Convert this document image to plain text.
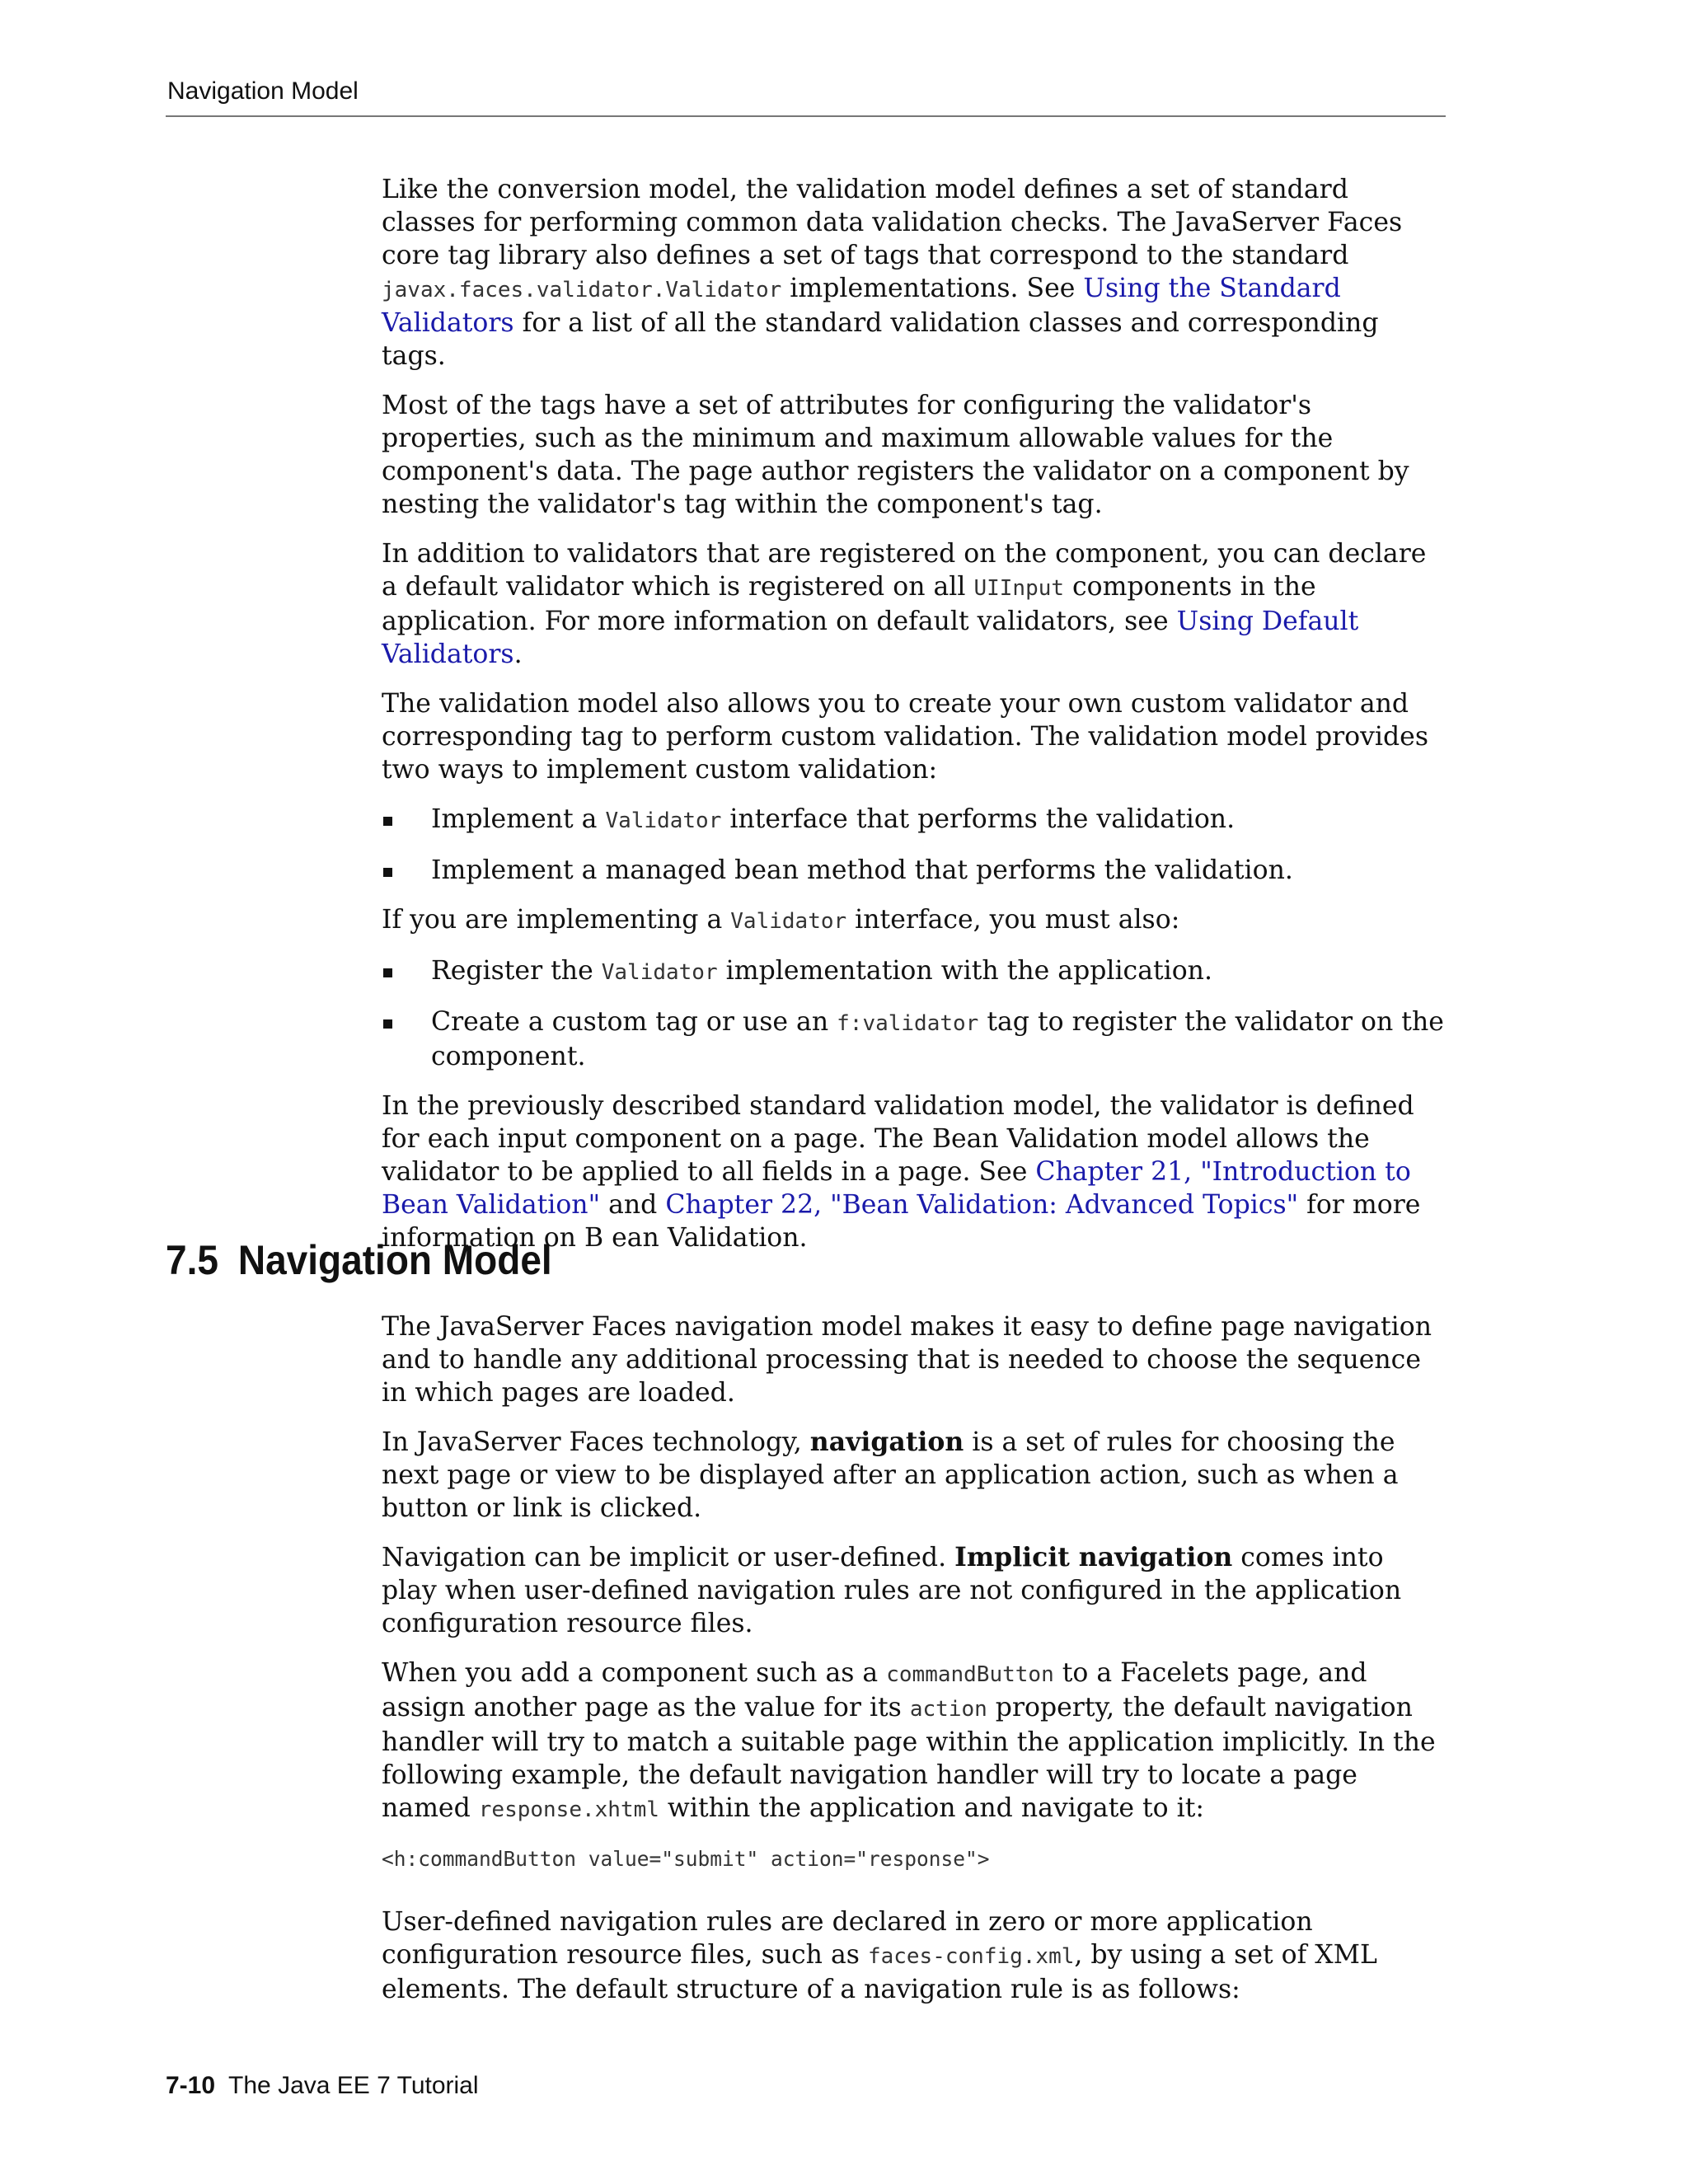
Navigation Model

Like the conversion model, the validation model defines a set of standard classes for performing common data validation checks. The JavaServer Faces core tag library also defines a set of tags that correspond to the standard javax.faces.validator.Validator implementations. See Using the Standard Validators for a list of all the standard validation classes and corresponding tags.

Most of the tags have a set of attributes for configuring the validator's properties, such as the minimum and maximum allowable values for the component's data. The page author registers the validator on a component by nesting the validator's tag within the component's tag.

In addition to validators that are registered on the component, you can declare a default validator which is registered on all UIInput components in the application. For more information on default validators, see Using Default Validators.

The validation model also allows you to create your own custom validator and corresponding tag to perform custom validation. The validation model provides two ways to implement custom validation:

Implement a Validator interface that performs the validation.
Implement a managed bean method that performs the validation.

If you are implementing a Validator interface, you must also:

Register the Validator implementation with the application.
Create a custom tag or use an f:validator tag to register the validator on the component.

In the previously described standard validation model, the validator is defined for each input component on a page. The Bean Validation model allows the validator to be applied to all fields in a page. See Chapter 21, "Introduction to Bean Validation" and Chapter 22, "Bean Validation: Advanced Topics" for more information on B ean Validation.

7.5 Navigation Model

The JavaServer Faces navigation model makes it easy to define page navigation and to handle any additional processing that is needed to choose the sequence in which pages are loaded.

In JavaServer Faces technology, navigation is a set of rules for choosing the next page or view to be displayed after an application action, such as when a button or link is clicked.

Navigation can be implicit or user-defined. Implicit navigation comes into play when user-defined navigation rules are not configured in the application configuration resource files.

When you add a component such as a commandButton to a Facelets page, and assign another page as the value for its action property, the default navigation handler will try to match a suitable page within the application implicitly. In the following example, the default navigation handler will try to locate a page named response.xhtml within the application and navigate to it:

<h:commandButton value="submit" action="response">

User-defined navigation rules are declared in zero or more application configuration resource files, such as faces-config.xml, by using a set of XML elements. The default structure of a navigation rule is as follows:

7-10 The Java EE 7 Tutorial
